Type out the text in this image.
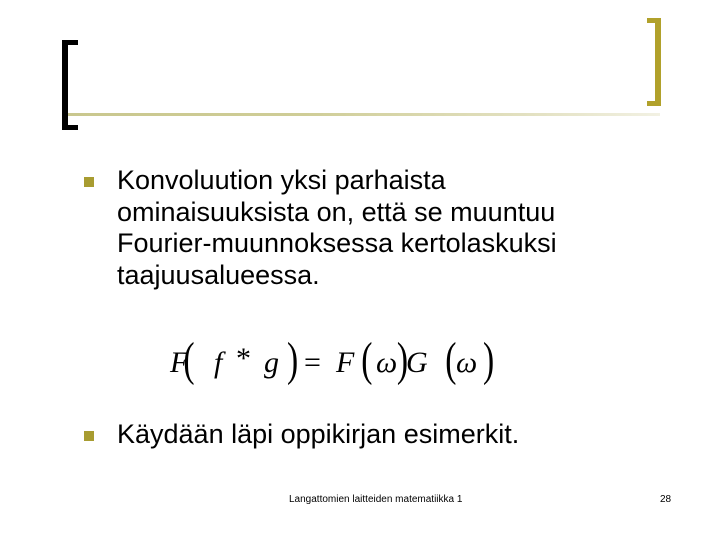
Konvoluution yksi parhaista
ominaisuuksista on, että se muuntuu
Fourier-muunnoksessa kertolaskuksi
taajuusalueessa.
F
( f * g ) = F ( ω )
G ( ω )
Käydään läpi oppikirjan esimerkit.
Langattomien laitteiden matematiikka 1	28
